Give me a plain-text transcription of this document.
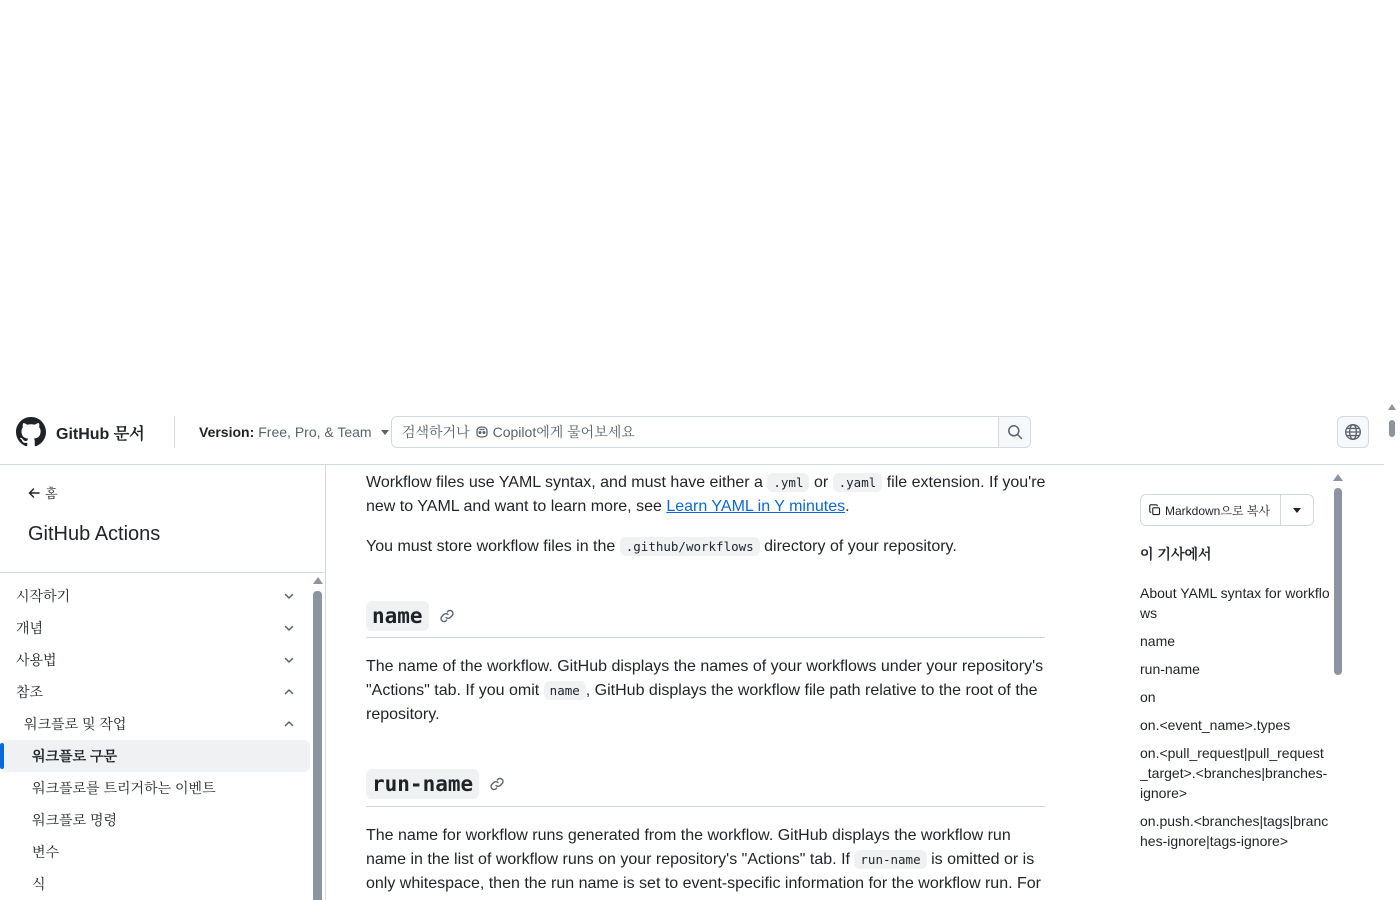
GitHub 문서	Version: Free, Pro, & Team 검색하거나 Copilot에게 물어보세요
홈
GitHub Actions
시작하기
개념
사용법
참조
워크플로 및 작업
워크플로 구문
워크플로를 트리거하는 이벤트
워크플로 명령
변수
식

Workflow files use YAML syntax, and must have either a .yml or .yaml file extension. If you're new to YAML and want to learn more, see Learn YAML in Y minutes.

You must store workflow files in the .github/workflows directory of your repository.

name

The name of the workflow. GitHub displays the names of your workflows under your repository's "Actions" tab. If you omit name , GitHub displays the workflow file path relative to the root of the repository.

run-name

The name for workflow runs generated from the workflow. GitHub displays the workflow run name in the list of workflow runs on your repository's "Actions" tab. If run-name is omitted or is only whitespace, then the run name is set to event-specific information for the workflow run. For

Markdown으로 복사
이 기사에서
About YAML syntax for workflows
name
run-name
on
on.<event_name>.types
on.<pull_request|pull_request_target>.<branches|branches-ignore>
on.push.<branches|tags|branches-ignore|tags-ignore>
